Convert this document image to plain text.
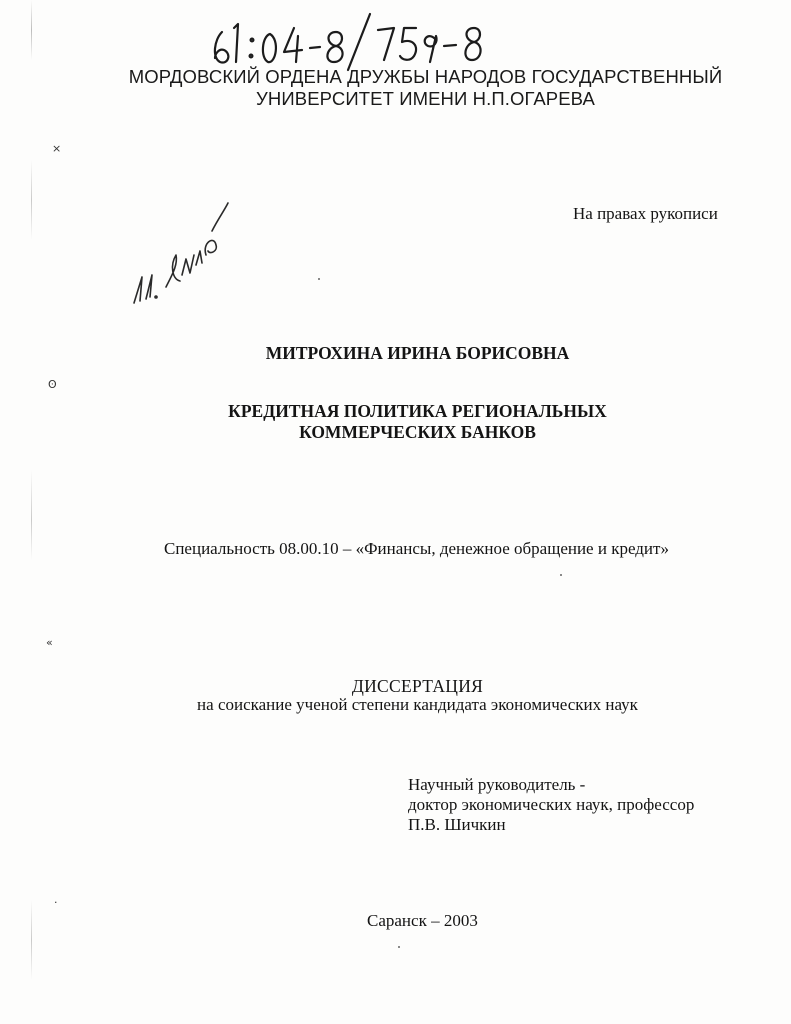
МОРДОВСКИЙ ОРДЕНА ДРУЖБЫ НАРОДОВ ГОСУДАРСТВЕННЫЙ
УНИВЕРСИТЕТ ИМЕНИ Н.П.ОГАРЕВА
На правах рукописи
МИТРОХИНА ИРИНА БОРИСОВНА
КРЕДИТНАЯ ПОЛИТИКА РЕГИОНАЛЬНЫХ
КОММЕРЧЕСКИХ БАНКОВ
Специальность 08.00.10 – «Финансы, денежное обращение и кредит»
ДИССЕРТАЦИЯ
на соискание ученой степени кандидата экономических наук
Научный руководитель -
доктор экономических наук, профессор
П.В. Шичкин
Саранск – 2003
×
ʘ
«
·
